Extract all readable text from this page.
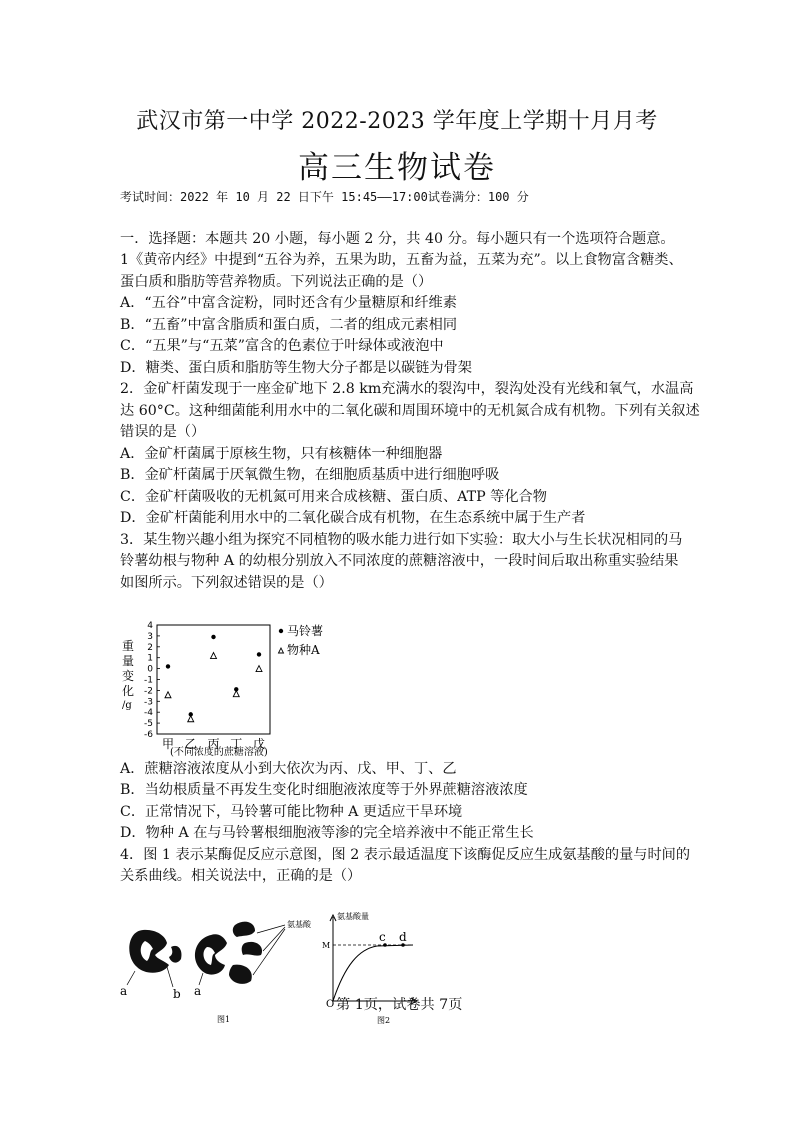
武汉市第一中学 2022-2023 学年度上学期十月月考
高三生物试卷
考试时间：2022 年 10 月 22 日下午 15:45——17:00试卷满分：100 分
一．选择题：本题共 20 小题，每小题 2 分，共 40 分。每小题只有一个选项符合题意。
1《黄帝内经》中提到“五谷为养，五果为助，五畜为益，五菜为充”。以上食物富含糖类、
蛋白质和脂肪等营养物质。下列说法正确的是（）
A．“五谷”中富含淀粉，同时还含有少量糖原和纤维素
B．“五畜”中富含脂质和蛋白质，二者的组成元素相同
C．“五果”与“五菜”富含的色素位于叶绿体或液泡中
D．糖类、蛋白质和脂肪等生物大分子都是以碳链为骨架
2．金矿杆菌发现于一座金矿地下 2.8 km充满水的裂沟中，裂沟处没有光线和氧气，水温高
达 60°C。这种细菌能利用水中的二氧化碳和周围环境中的无机氮合成有机物。下列有关叙述
错误的是（）
A．金矿杆菌属于原核生物，只有核糖体一种细胞器
B．金矿杆菌属于厌氧微生物，在细胞质基质中进行细胞呼吸
C．金矿杆菌吸收的无机氮可用来合成核糖、蛋白质、ATP 等化合物
D．金矿杆菌能利用水中的二氧化碳合成有机物，在生态系统中属于生产者
3．某生物兴趣小组为探究不同植物的吸水能力进行如下实验：取大小与生长状况相同的马
铃薯幼根与物种 A 的幼根分别放入不同浓度的蔗糖溶液中，一段时间后取出称重实验结果
如图所示。下列叙述错误的是（）
重
量
变
化
/g
4
3
2
1
0
-1
-2
-3
-4
-5
-6
甲 乙 丙 丁 戊
(不同浓度的蔗糖溶液)
马铃薯
物种A
A．蔗糖溶液浓度从小到大依次为丙、戊、甲、丁、乙
B．当幼根质量不再发生变化时细胞液浓度等于外界蔗糖溶液浓度
C．正常情况下，马铃薯可能比物种 A 更适应干旱环境
D．物种 A 在与马铃薯根细胞液等渗的完全培养液中不能正常生长
4．图 1 表示某酶促反应示意图，图 2 表示最适温度下该酶促反应生成氨基酸的量与时间的
关系曲线。相关说法中，正确的是（）
氨基酸
a	b a
图1
氨基酸量
M
c d
O
图2
第 1页，试卷共 7页
